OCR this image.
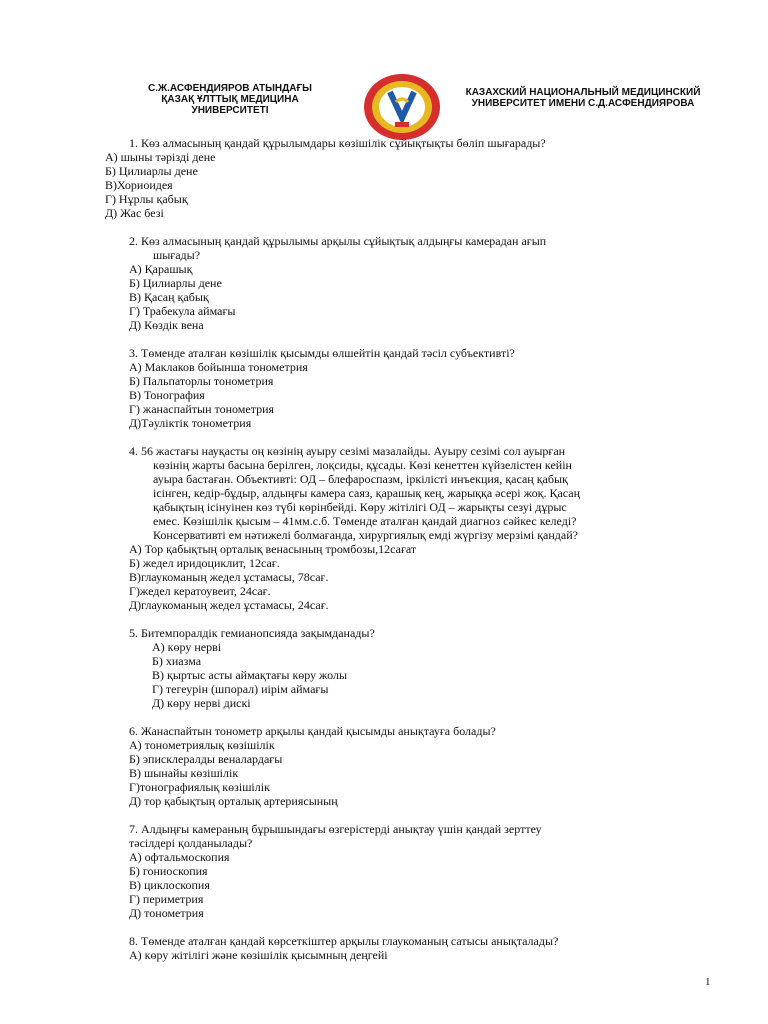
С.Ж.АСФЕНДИЯРОВ АТЫНДАҒЫ
ҚАЗАҚ ҰЛТТЫҚ МЕДИЦИНА
УНИВЕРСИТЕТІ
КАЗАХСКИЙ НАЦИОНАЛЬНЫЙ МЕДИЦИНСКИЙ
УНИВЕРСИТЕТ ИМЕНИ С.Д.АСФЕНДИЯРОВА
1. Көз алмасының қандай құрылымдары көзішілік сұйықтықты бөліп шығарады?
А) шыны тәрізді дене
Б) Цилиарлы дене
В)Хориоидея
Г) Нұрлы қабық
Д) Жас безі
2. Көз алмасының қандай құрылымы арқылы сұйықтық алдыңғы камерадан ағып
шығады?
А) Қарашық
Б) Цилиарлы дене
В) Қасаң қабық
Г) Трабекула аймағы
Д) Көздік вена
3. Төменде аталған көзішілік қысымды өлшейтін қандай тәсіл субъективті?
А) Маклаков бойынша тонометрия
Б) Пальпаторлы тонометрия
В) Тонография
Г) жанаспайтын тонометрия
Д)Тәуліктік тонометрия
4. 56 жастағы науқасты оң көзінің ауыру сезімі мазалайды. Ауыру сезімі сол ауырған
көзінің жарты басына берілген, лоқсиды, құсады. Көзі кенеттен күйзелістен кейін
ауыра бастаған. Объективті: ОД – блефароспазм, іркілісті инъекция, қасаң қабық
ісінген, кедір-бұдыр, алдыңғы камера саяз, қарашық кең, жарыққа әсері жоқ. Қасаң
қабықтың ісінуінен көз түбі көрінбейді. Көру жітілігі ОД – жарықты сезуі дұрыс
емес. Көзішілік қысым – 41мм.с.б. Төменде аталған қандай диагноз сәйкес келеді?
Консервативті ем нәтижелі болмағанда, хирургиялық емді жүргізу мерзімі қандай?
А) Тор қабықтың орталық венасының тромбозы,12сағат
Б) жедел иридоциклит, 12сағ.
В)глаукоманың жедел ұстамасы, 78сағ.
Г)жедел кератоувеит, 24сағ.
Д)глаукоманың жедел ұстамасы, 24сағ.
5. Битемпоралдік гемианопсияда зақымданады?
А) көру нерві
Б) хиазма
В) қыртыс асты аймақтағы көру жолы
Г) тегеурін (шпорал) иірім аймағы
Д) көру нерві дискі
6. Жанаспайтын тонометр арқылы қандай қысымды анықтауға болады?
А) тонометриялық көзішілік
Б) эписклералды веналардағы
В) шынайы көзішілік
Г)тонографиялық көзішілік
Д) тор қабықтың орталық артериясының
7. Алдыңғы камераның бұрышындағы өзгерістерді анықтау үшін қандай зерттеу
тәсілдері қолданылады?
А) офтальмоскопия
Б) гониоскопия
В) циклоскопия
Г) периметрия
Д) тонометрия
8. Төменде аталған қандай көрсеткіштер арқылы глаукоманың сатысы анықталады?
А) көру жітілігі және көзішілік қысымның деңгейі
1
